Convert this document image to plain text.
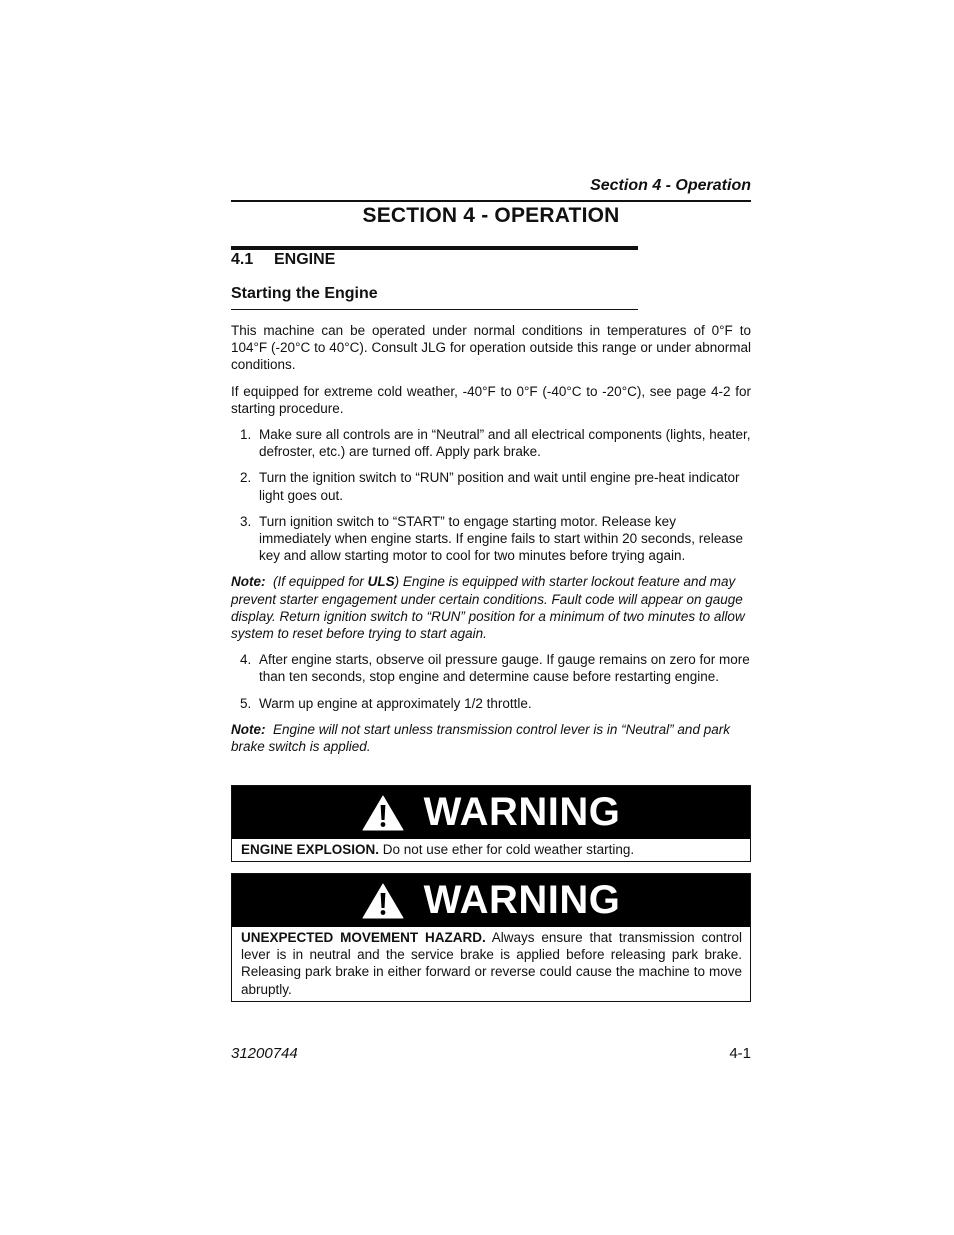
Section 4 - Operation
SECTION 4 - OPERATION
4.1 ENGINE
Starting the Engine

This machine can be operated under normal conditions in temperatures of 0°F to 104°F (-20°C to 40°C). Consult JLG for operation outside this range or under abnormal conditions.

If equipped for extreme cold weather, -40°F to 0°F (-40°C to -20°C), see page 4-2 for starting procedure.

1. Make sure all controls are in “Neutral” and all electrical components (lights, heater, defroster, etc.) are turned off. Apply park brake.
2. Turn the ignition switch to “RUN” position and wait until engine pre-heat indicator light goes out.
3. Turn ignition switch to “START” to engage starting motor. Release key immediately when engine starts. If engine fails to start within 20 seconds, release key and allow starting motor to cool for two minutes before trying again.

Note: (If equipped for ULS) Engine is equipped with starter lockout feature and may prevent starter engagement under certain conditions. Fault code will appear on gauge display. Return ignition switch to “RUN” position for a minimum of two minutes to allow system to reset before trying to start again.

4. After engine starts, observe oil pressure gauge. If gauge remains on zero for more than ten seconds, stop engine and determine cause before restarting engine.
5. Warm up engine at approximately 1/2 throttle.

Note: Engine will not start unless transmission control lever is in “Neutral” and park brake switch is applied.

WARNING
ENGINE EXPLOSION. Do not use ether for cold weather starting.
WARNING
UNEXPECTED MOVEMENT HAZARD. Always ensure that transmission control lever is in neutral and the service brake is applied before releasing park brake. Releasing park brake in either forward or reverse could cause the machine to move abruptly.
31200744	4-1
